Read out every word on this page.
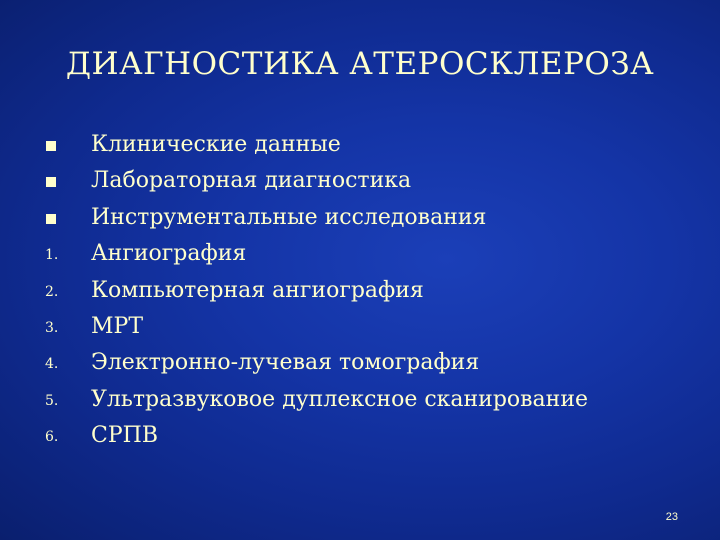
ДИАГНОСТИКА АТЕРОСКЛЕРОЗА
Клинические данные
Лабораторная диагностика
Инструментальные исследования
1.	Ангиография
2.	Компьютерная ангиография
3.	МРТ
4.	Электронно-лучевая томография
5.	Ультразвуковое дуплексное сканирование
6.	СРПВ
23
